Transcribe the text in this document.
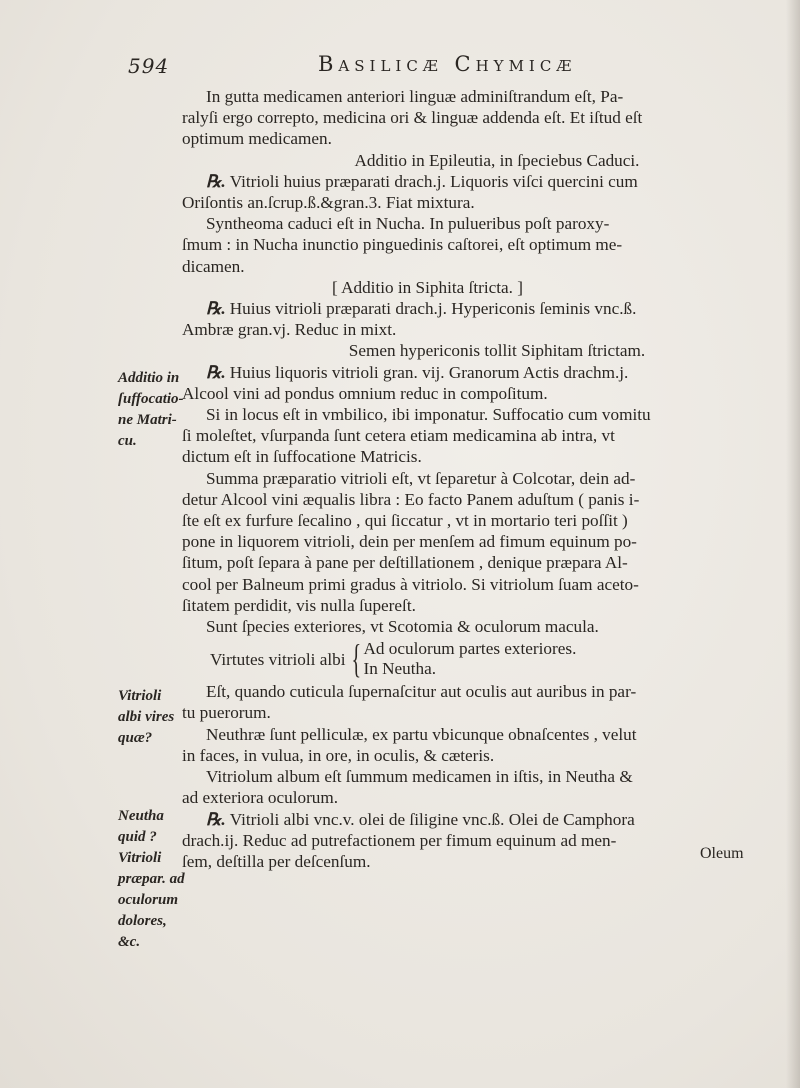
594	Basilicæ Chymicæ
Additio in
ſuffocatio-
ne Matri-
cu.
Vitrioli
albi vires
quæ?
Neutha
quid ?
Vitrioli
præpar. ad
oculorum
dolores,
&c.

In gutta medicamen anteriori linguæ adminiſtrandum eſt, Pa-

ralyſi ergo correpto, medicina ori & linguæ addenda eſt. Et iſtud eſt

optimum medicamen.

Additio in Epileutia, in ſpeciebus Caduci.

℞. Vitrioli huius præparati drach.j. Liquoris viſci quercini cum

Oriſontis an.ſcrup.ß.&gran.3. Fiat mixtura.

Syntheoma caduci eſt in Nucha. In pulueribus poſt paroxy-

ſmum : in Nucha inunctio pinguedinis caſtorei, eſt optimum me-

dicamen.

[ Additio in Siphita ſtricta. ]

℞. Huius vitrioli præparati drach.j. Hypericonis ſeminis vnc.ß.

Ambræ gran.vj. Reduc in mixt.

Semen hypericonis tollit Siphitam ſtrictam.

℞. Huius liquoris vitrioli gran. vij. Granorum Actis drachm.j.

Alcool vini ad pondus omnium reduc in compoſitum.

Si in locus eſt in vmbilico, ibi imponatur. Suffocatio cum vomitu

ſi moleſtet, vſurpanda ſunt cetera etiam medicamina ab intra, vt

dictum eſt in ſuffocatione Matricis.

Summa præparatio vitrioli eſt, vt ſeparetur à Colcotar, dein ad-

detur Alcool vini æqualis libra : Eo facto Panem aduſtum ( panis i-

ſte eſt ex furfure ſecalino , qui ſiccatur , vt in mortario teri poſſit )

pone in liquorem vitrioli, dein per menſem ad fimum equinum po-

ſitum, poſt ſepara à pane per deſtillationem , denique præpara Al-

cool per Balneum primi gradus à vitriolo. Si vitriolum ſuam aceto-

ſitatem perdidit, vis nulla ſupereſt.

Sunt ſpecies exteriores, vt Scotomia & oculorum macula.

Virtutes vitrioli albi { Ad oculorum partes exteriores.
In Neutha.

Eſt, quando cuticula ſupernaſcitur aut oculis aut auribus in par-

tu puerorum.

Neuthræ ſunt pelliculæ, ex partu vbicunque obnaſcentes , velut

in faces, in vulua, in ore, in oculis, & cæteris.

Vitriolum album eſt ſummum medicamen in iſtis, in Neutha &

ad exteriora oculorum.

℞. Vitrioli albi vnc.v. olei de ſiligine vnc.ß. Olei de Camphora

drach.ij. Reduc ad putrefactionem per fimum equinum ad men-

ſem, deſtilla per deſcenſum.	Oleum
